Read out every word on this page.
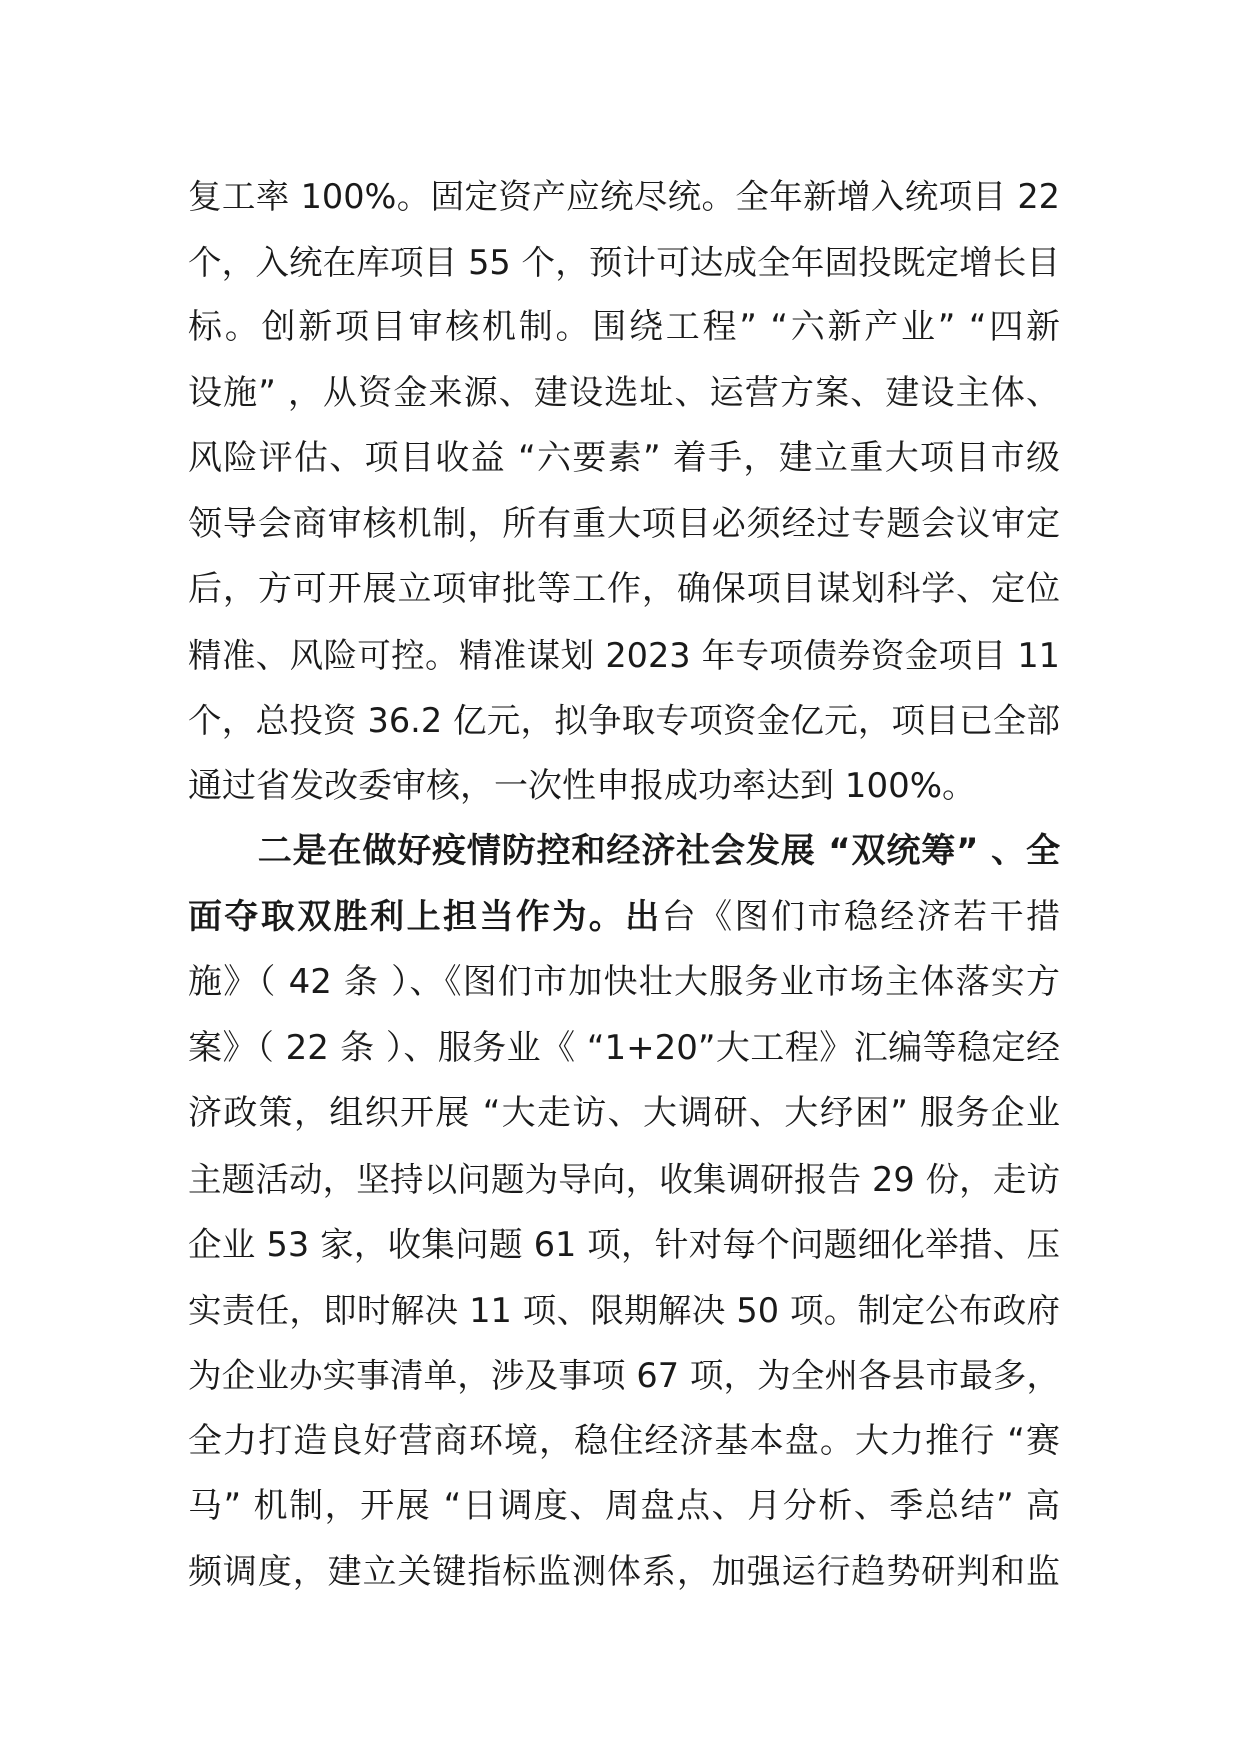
复工率 100%。固定资产应统尽统。全年新增入统项目 22
个，入统在库项目 55 个，预计可达成全年固投既定增长目
标。创新项目审核机制。围绕工程” “六新产业” “四新
设施” ，从资金来源、建设选址、运营方案、建设主体、
风险评估、项目收益 “六要素” 着手，建立重大项目市级
领导会商审核机制，所有重大项目必须经过专题会议审定
后，方可开展立项审批等工作，确保项目谋划科学、定位
精准、风险可控。精准谋划 2023 年专项债券资金项目 11
个，总投资 36.2 亿元，拟争取专项资金亿元，项目已全部
通过省发改委审核，一次性申报成功率达到 100%。
　　二是在做好疫情防控和经济社会发展 “双统筹” 、全
面夺取双胜利上担当作为。出台《图们市稳经济若干措
施》（ 42 条 ）、《图们市加快壮大服务业市场主体落实方
案》（ 22 条 ）、服务业《 “1+20”大工程》汇编等稳定经
济政策，组织开展 “大走访、大调研、大纾困” 服务企业
主题活动，坚持以问题为导向，收集调研报告 29 份，走访
企业 53 家，收集问题 61 项，针对每个问题细化举措、压
实责任，即时解决 11 项、限期解决 50 项。制定公布政府
为企业办实事清单，涉及事项 67 项，为全州各县市最多，
全力打造良好营商环境，稳住经济基本盘。大力推行 “赛
马” 机制，开展 “日调度、周盘点、月分析、季总结” 高
频调度，建立关键指标监测体系，加强运行趋势研判和监
